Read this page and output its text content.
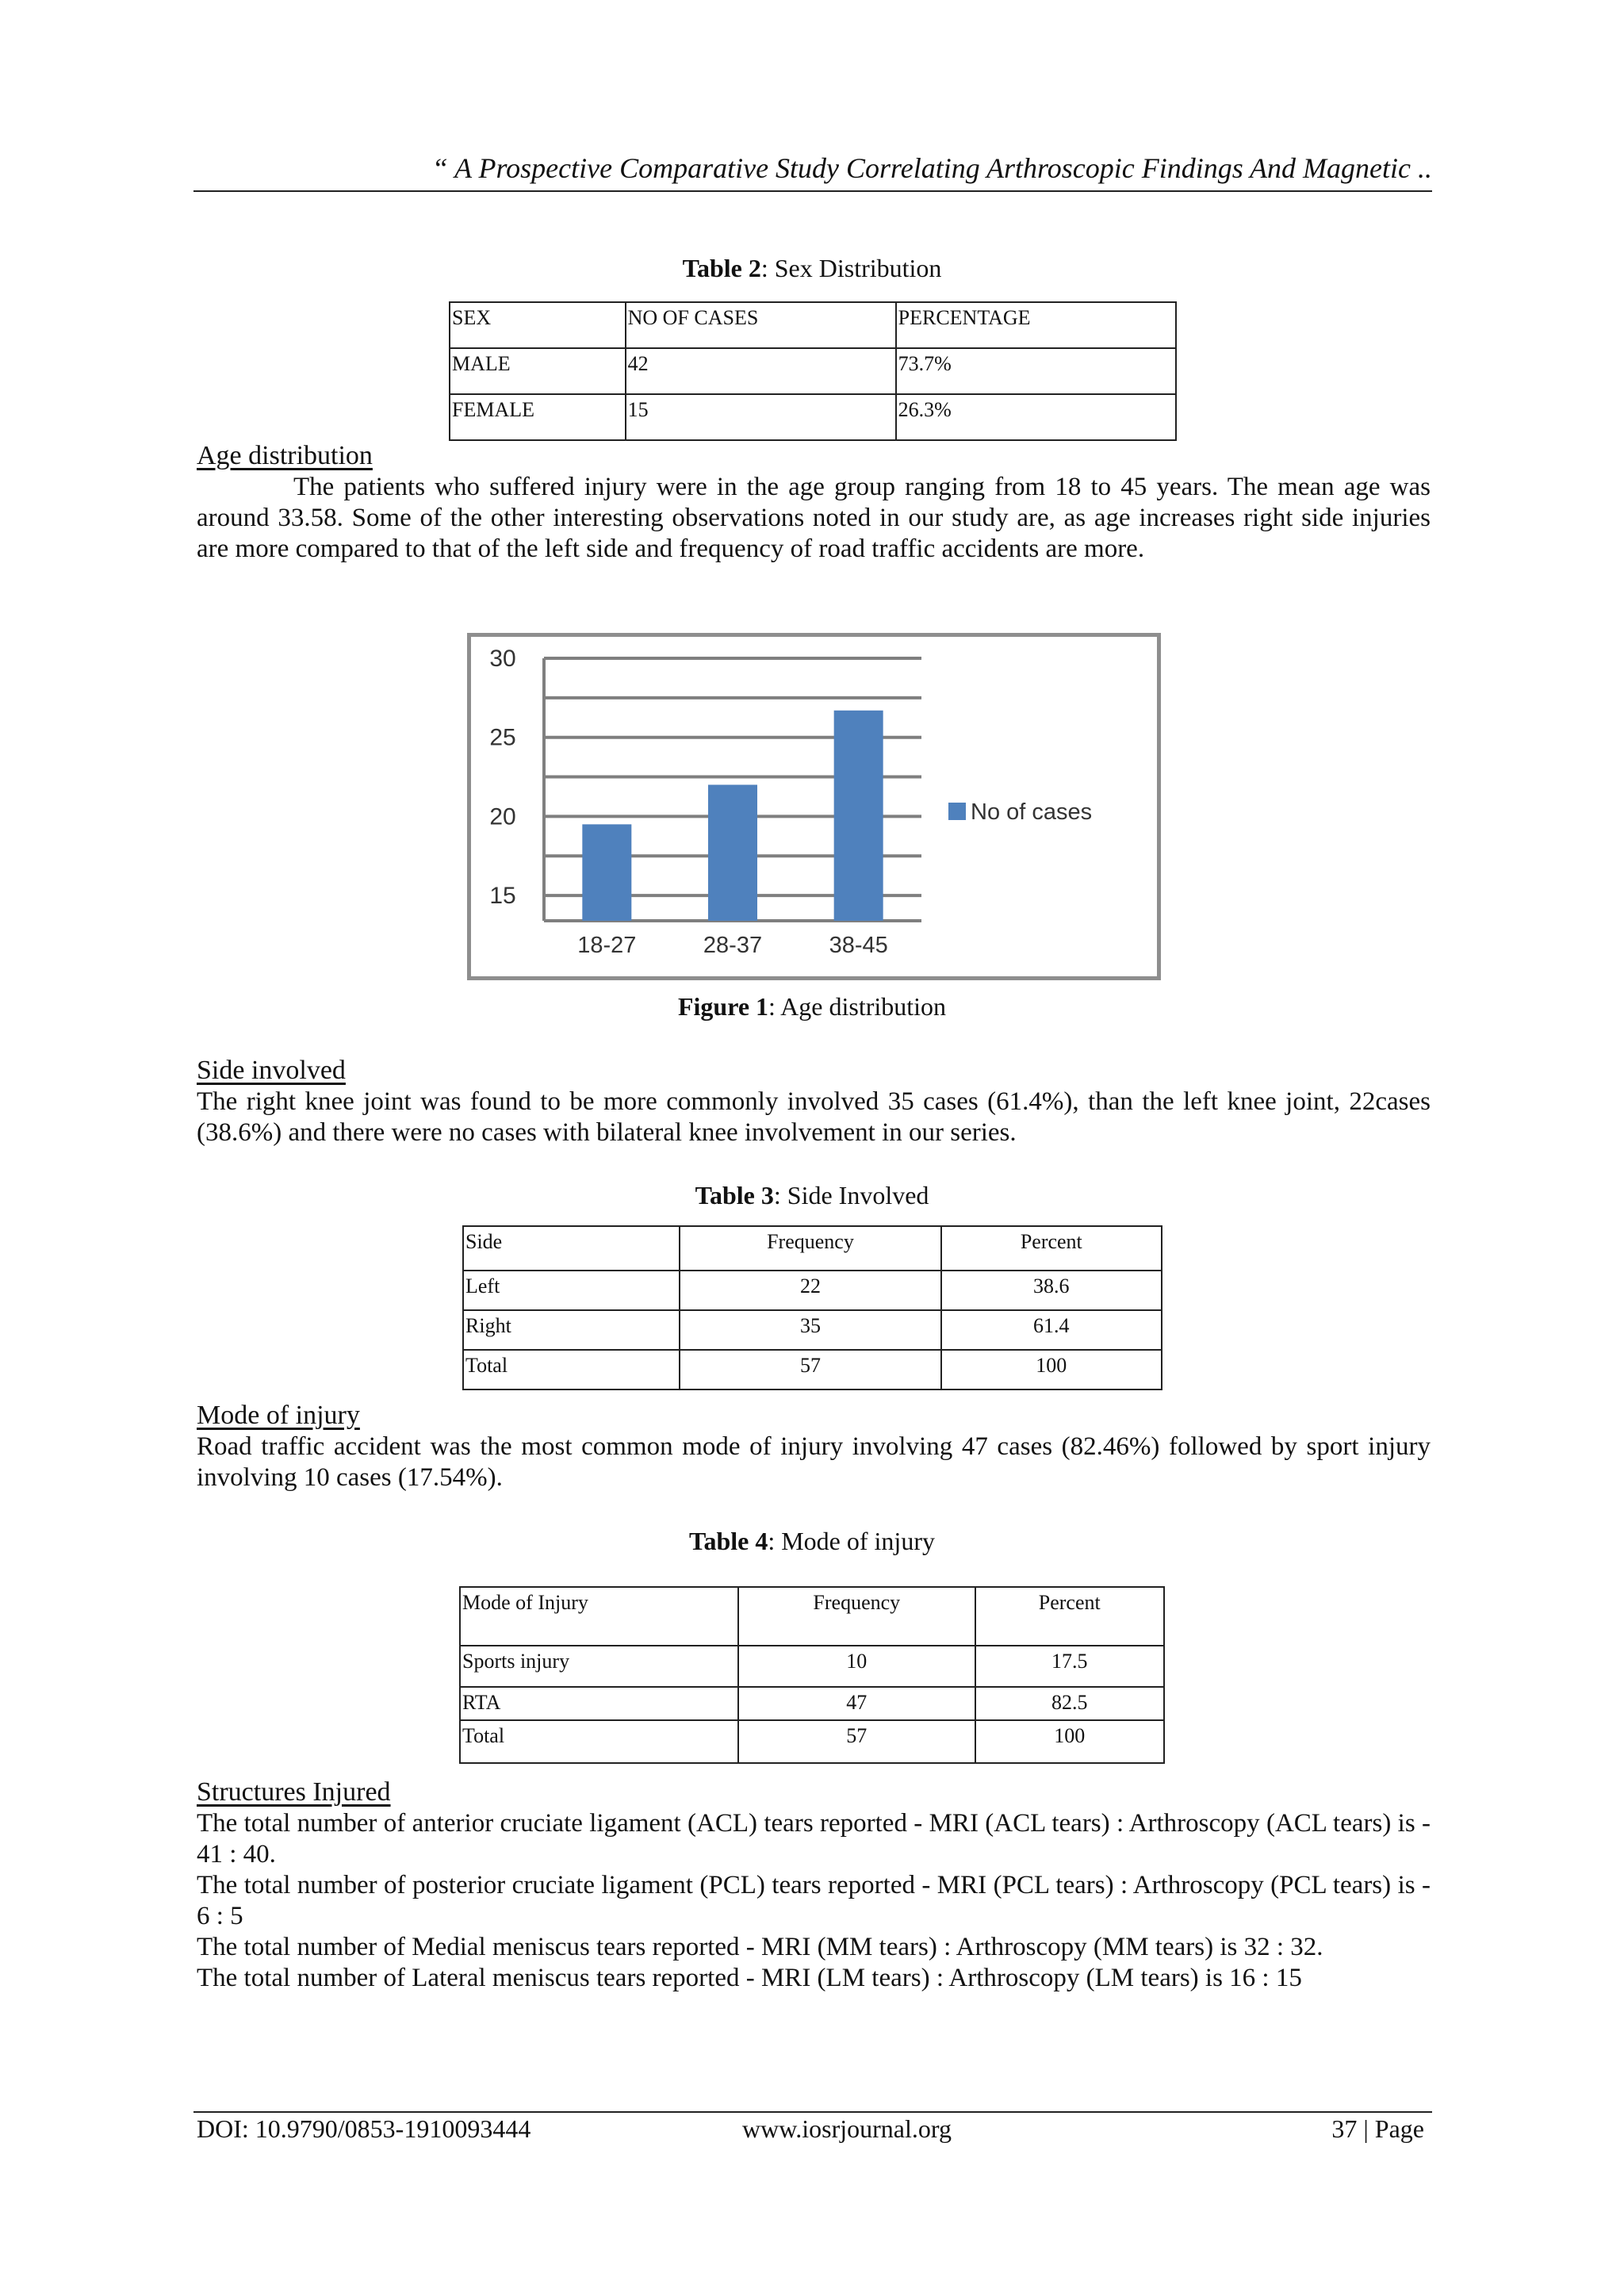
“ A Prospective Comparative Study Correlating Arthroscopic Findings And Magnetic ..
Table 2: Sex Distribution
SEX	NO OF CASES	PERCENTAGE
MALE	42	73.7%
FEMALE	15	26.3%
Age distribution

The patients who suffered injury were in the age group ranging from 18 to 45 years. The mean age was around 33.58. Some of the other interesting observations noted in our study are, as age increases right side injuries are more compared to that of the left side and frequency of road traffic accidents are more.

15
20
25
30
18-27	28-37	38-45
No of cases
Figure 1: Age distribution
Side involved

The right knee joint was found to be more commonly involved 35 cases (61.4%), than the left knee joint, 22cases (38.6%) and there were no cases with bilateral knee involvement in our series.

Table 3: Side Involved
Side	Frequency	Percent
Left	22	38.6
Right	35	61.4
Total	57	100
Mode of injury

Road traffic accident was the most common mode of injury involving 47 cases (82.46%) followed by sport injury involving 10 cases (17.54%).

Table 4: Mode of injury
Mode of Injury	Frequency	Percent
Sports injury	10	17.5
RTA	47	82.5
Total	57	100
Structures Injured

The total number of anterior cruciate ligament (ACL) tears reported - MRI (ACL tears) : Arthroscopy (ACL tears) is - 41 : 40.

The total number of posterior cruciate ligament (PCL) tears reported - MRI (PCL tears) : Arthroscopy (PCL tears) is - 6 : 5

The total number of Medial meniscus tears reported - MRI (MM tears) : Arthroscopy (MM tears) is 32 : 32.

The total number of Lateral meniscus tears reported - MRI (LM tears) : Arthroscopy (LM tears) is 16 : 15

DOI: 10.9790/0853-1910093444	www.iosrjournal.org	37 | Page
